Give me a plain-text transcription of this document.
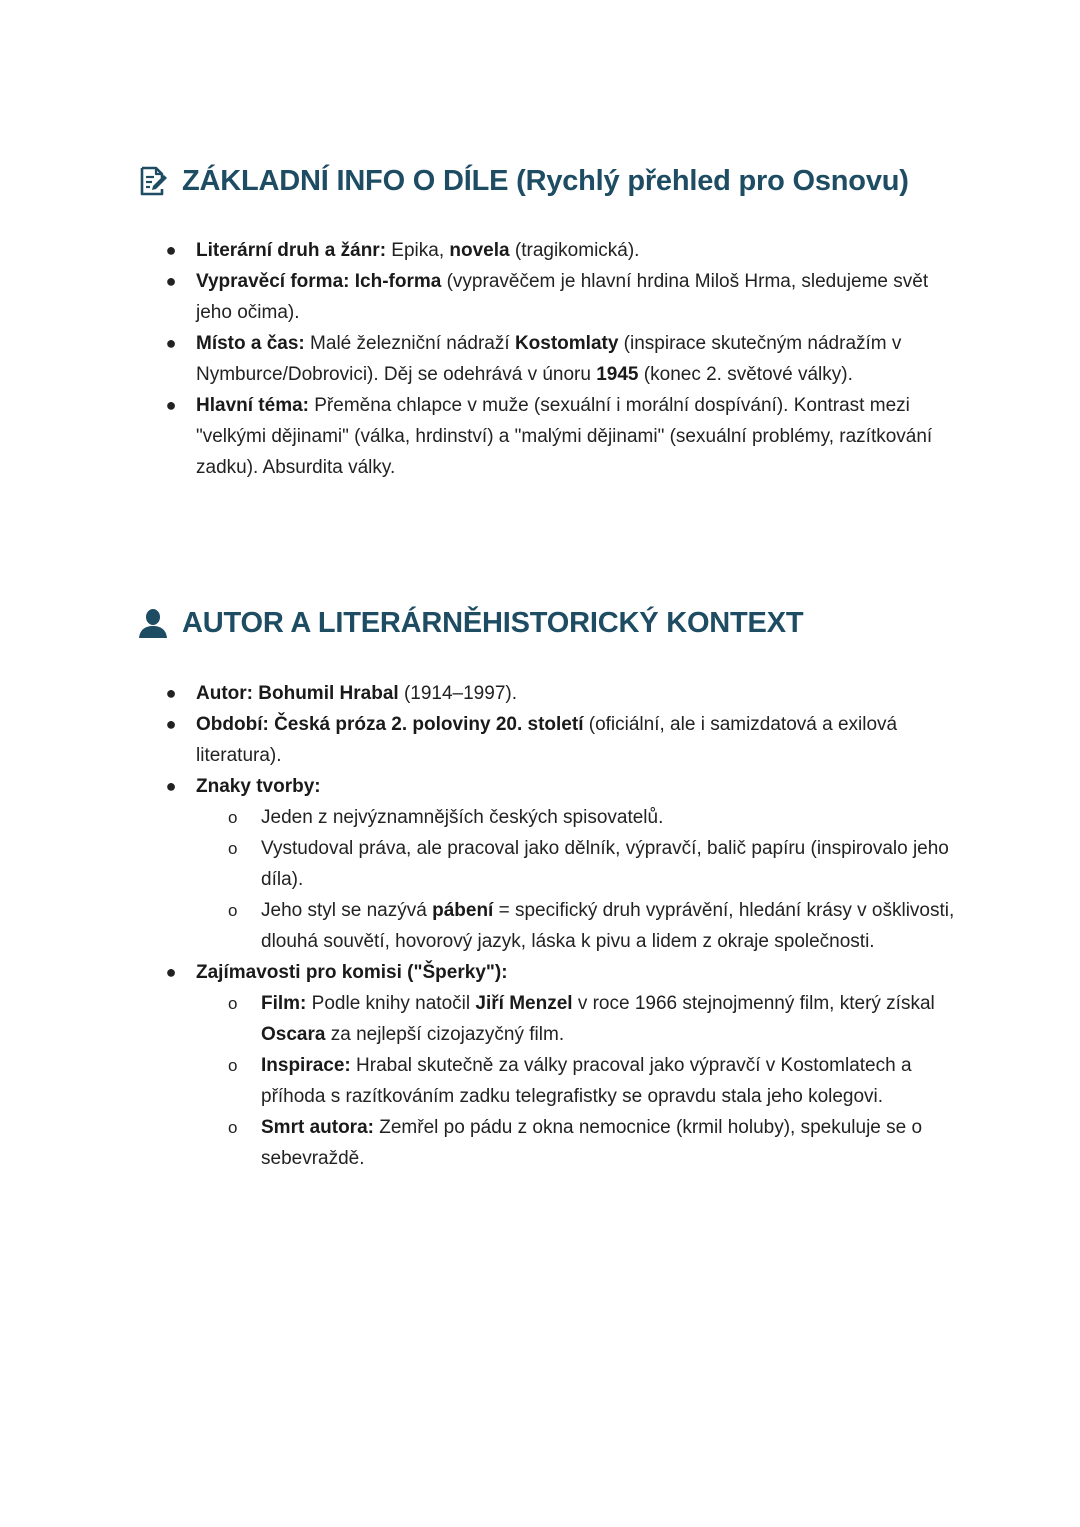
ZÁKLADNÍ INFO O DÍLE (Rychlý přehled pro Osnovu)
● Literární druh a žánr: Epika, novela (tragikomická).
● Vypravěcí forma: Ich-forma (vypravěčem je hlavní hrdina Miloš Hrma, sledujeme svět jeho očima).
● Místo a čas: Malé železniční nádraží Kostomlaty (inspirace skutečným nádražím v Nymburce/Dobrovici). Děj se odehrává v únoru 1945 (konec 2. světové války).
● Hlavní téma: Přeměna chlapce v muže (sexuální i morální dospívání). Kontrast mezi "velkými dějinami" (válka, hrdinství) a "malými dějinami" (sexuální problémy, razítkování zadku). Absurdita války.
AUTOR A LITERÁRNĚHISTORICKÝ KONTEXT
● Autor: Bohumil Hrabal (1914–1997).
● Období: Česká próza 2. poloviny 20. století (oficiální, ale i samizdatová a exilová literatura).
● Znaky tvorby:
o Jeden z nejvýznamnějších českých spisovatelů.
o Vystudoval práva, ale pracoval jako dělník, výpravčí, balič papíru (inspirovalo jeho díla).
o Jeho styl se nazývá pábení = specifický druh vyprávění, hledání krásy v ošklivosti, dlouhá souvětí, hovorový jazyk, láska k pivu a lidem z okraje společnosti.
● Zajímavosti pro komisi ("Šperky"):
o Film: Podle knihy natočil Jiří Menzel v roce 1966 stejnojmenný film, který získal Oscara za nejlepší cizojazyčný film.
o Inspirace: Hrabal skutečně za války pracoval jako výpravčí v Kostomlatech a příhoda s razítkováním zadku telegrafistky se opravdu stala jeho kolegovi.
o Smrt autora: Zemřel po pádu z okna nemocnice (krmil holuby), spekuluje se o sebevraždě.
